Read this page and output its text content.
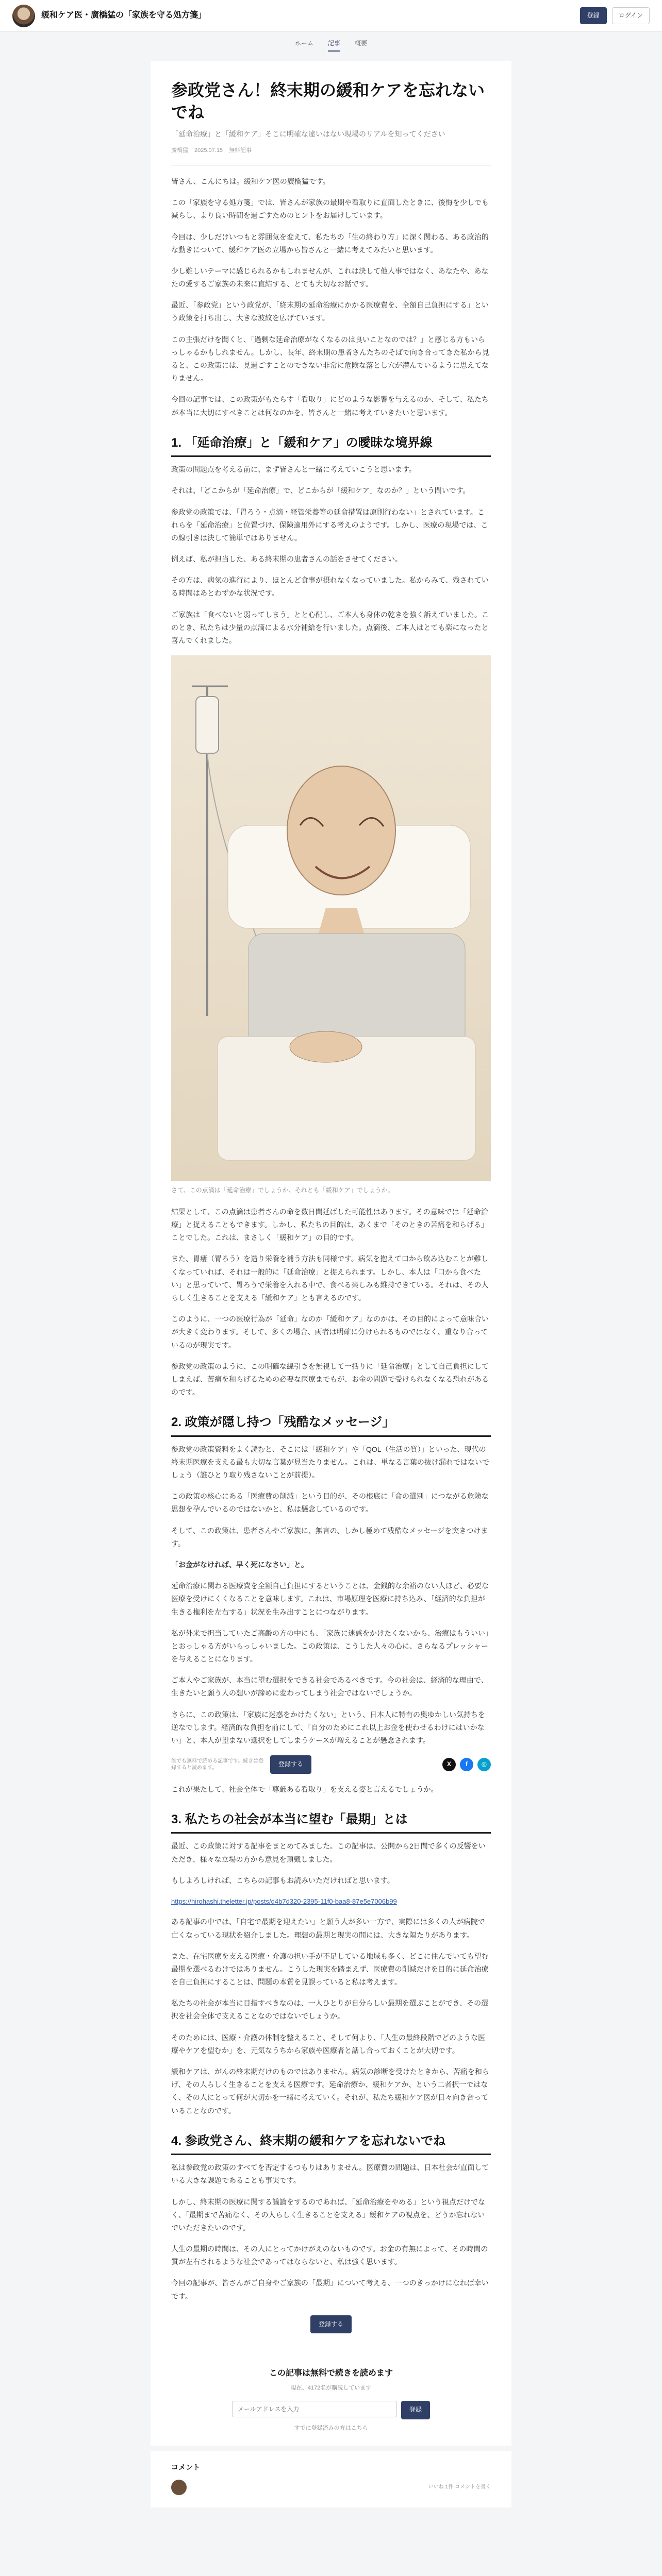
緩和ケア医・廣橋猛の「家族を守る処方箋」	登録	ログイン
ホーム 記事 概要
参政党さん！終末期の緩和ケアを忘れないでね
「延命治療」と「緩和ケア」そこに明確な違いはない現場のリアルを知ってください
廣橋猛 2025.07.15 無料記事

皆さん、こんにちは。緩和ケア医の廣橋猛です。

この「家族を守る処方箋」では、皆さんが家族の最期や看取りに直面したときに、後悔を少しでも減らし、より良い時間を過ごすためのヒントをお届けしています。

今回は、少しだけいつもと雰囲気を変えて、私たちの「生の終わり方」に深く関わる、ある政治的な動きについて、緩和ケア医の立場から皆さんと一緒に考えてみたいと思います。

少し難しいテーマに感じられるかもしれませんが、これは決して他人事ではなく、あなたや、あなたの愛するご家族の未来に直結する、とても大切なお話です。

最近、「参政党」という政党が、「終末期の延命治療にかかる医療費を、全額自己負担にする」という政策を打ち出し、大きな波紋を広げています。

この主張だけを聞くと、「過剰な延命治療がなくなるのは良いことなのでは？」と感じる方もいらっしゃるかもしれません。しかし、長年、終末期の患者さんたちのそばで向き合ってきた私から見ると、この政策には、見過ごすことのできない非常に危険な落とし穴が潜んでいるように思えてなりません。

今回の記事では、この政策がもたらす「看取り」にどのような影響を与えるのか、そして、私たちが本当に大切にすべきことは何なのかを、皆さんと一緒に考えていきたいと思います。

1. 「延命治療」と「緩和ケア」の曖昧な境界線

政策の問題点を考える前に、まず皆さんと一緒に考えていこうと思います。

それは、「どこからが「延命治療」で、どこからが「緩和ケア」なのか？」という問いです。

参政党の政策では、「胃ろう・点滴・経管栄養等の延命措置は原則行わない」とされています。これらを「延命治療」と位置づけ、保険適用外にする考えのようです。しかし、医療の現場では、この線引きは決して簡単ではありません。

例えば、私が担当した、ある終末期の患者さんの話をさせてください。

その方は、病気の進行により、ほとんど食事が摂れなくなっていました。私からみて、残されている時間はあとわずかな状況です。

ご家族は「食べないと弱ってしまう」とと心配し、ご本人も身体の乾きを強く訴えていました。このとき、私たちは少量の点滴による水分補給を行いました。点滴後、ご本人はとても楽になったと喜んでくれました。

さて、この点滴は「延命治療」でしょうか、それとも「緩和ケア」でしょうか。

結果として、この点滴は患者さんの命を数日間延ばした可能性はあります。その意味では「延命治療」と捉えることもできます。しかし、私たちの目的は、あくまで「そのときの苦痛を和らげる」ことでした。これは、まさしく「緩和ケア」の目的です。

また、胃瘻（胃ろう）を造り栄養を補う方法も同様です。病気を抱えて口から飲み込むことが難しくなっていれば、それは一般的に「延命治療」と捉えられます。しかし、本人は「口から食べたい」と思っていて、胃ろうで栄養を入れる中で、食べる楽しみも維持できている。それは、その人らしく生きることを支える「緩和ケア」とも言えるのです。

このように、一つの医療行為が「延命」なのか「緩和ケア」なのかは、その目的によって意味合いが大きく変わります。そして、多くの場合、両者は明確に分けられるものではなく、重なり合っているのが現実です。

参政党の政策のように、この明確な線引きを無視して一括りに「延命治療」として自己負担にしてしまえば、苦痛を和らげるための必要な医療までもが、お金の問題で受けられなくなる恐れがあるのです。

2. 政策が隠し持つ「残酷なメッセージ」

参政党の政策資料をよく読むと、そこには「緩和ケア」や「QOL（生活の質）」といった、現代の終末期医療を支える最も大切な言葉が見当たりません。これは、単なる言葉の抜け漏れではないでしょう（誰ひとり取り残さないことが前提）。

この政策の核心にある「医療費の削減」という目的が、その根底に「命の選別」につながる危険な思想を孕んでいるのではないかと、私は懸念しているのです。

そして、この政策は、患者さんやご家族に、無言の、しかし極めて残酷なメッセージを突きつけます。

「お金がなければ、早く死になさい」と。

延命治療に関わる医療費を全額自己負担にするということは、金銭的な余裕のない人ほど、必要な医療を受けにくくなることを意味します。これは、市場原理を医療に持ち込み、「経済的な負担が生きる権利を左右する」状況を生み出すことにつながります。

私が外来で担当していたご高齢の方の中にも、「家族に迷惑をかけたくないから、治療はもういい」とおっしゃる方がいらっしゃいました。この政策は、こうした人々の心に、さらなるプレッシャーを与えることになります。

ご本人やご家族が、本当に望む選択をできる社会であるべきです。今の社会は、経済的な理由で、生きたいと願う人の想いが諦めに変わってしまう社会ではないでしょうか。

さらに、この政策は、「家族に迷惑をかけたくない」という、日本人に特有の奥ゆかしい気持ちを逆なでします。経済的な負担を前にして、「自分のためにこれ以上お金を使わせるわけにはいかない」と、本人が望まない選択をしてしまうケースが増えることが懸念されます。

誰でも無料で読める記事です。続きは登録すると読めます。
登録する	X	f	◎

これが果たして、社会全体で「尊厳ある看取り」を支える姿と言えるでしょうか。

3. 私たちの社会が本当に望む「最期」とは

最近、この政策に対する記事をまとめてみました。この記事は、公開から2日間で多くの反響をいただき、様々な立場の方から意見を頂戴しました。

もしよろしければ、こちらの記事もお読みいただければと思います。

https://hirohashi.theletter.jp/posts/d4b7d320-2395-11f0-baa8-87e5e7006b99

ある記事の中では、「自宅で最期を迎えたい」と願う人が多い一方で、実際には多くの人が病院で亡くなっている現状を紹介しました。理想の最期と現実の間には、大きな隔たりがあります。

また、在宅医療を支える医療・介護の担い手が不足している地域も多く、どこに住んでいても望む最期を選べるわけではありません。こうした現実を踏まえず、医療費の削減だけを目的に延命治療を自己負担にすることは、問題の本質を見誤っていると私は考えます。

私たちの社会が本当に目指すべきなのは、一人ひとりが自分らしい最期を選ぶことができ、その選択を社会全体で支えることなのではないでしょうか。

そのためには、医療・介護の体制を整えること、そして何より、「人生の最終段階でどのような医療やケアを望むか」を、元気なうちから家族や医療者と話し合っておくことが大切です。

緩和ケアは、がんの終末期だけのものではありません。病気の診断を受けたときから、苦痛を和らげ、その人らしく生きることを支える医療です。延命治療か、緩和ケアか、という二者択一ではなく、その人にとって何が大切かを一緒に考えていく。それが、私たち緩和ケア医が日々向き合っていることなのです。

4. 参政党さん、終末期の緩和ケアを忘れないでね

私は参政党の政策のすべてを否定するつもりはありません。医療費の問題は、日本社会が直面している大きな課題であることも事実です。

しかし、終末期の医療に関する議論をするのであれば、「延命治療をやめる」という視点だけでなく、「最期まで苦痛なく、その人らしく生きることを支える」緩和ケアの視点を、どうか忘れないでいただきたいのです。

人生の最期の時間は、その人にとってかけがえのないものです。お金の有無によって、その時間の質が左右されるような社会であってはならないと、私は強く思います。

今回の記事が、皆さんがご自身やご家族の「最期」について考える、一つのきっかけになれば幸いです。

登録する
この記事は無料で続きを読めます
現在、4172名が購読しています
メールアドレスを入力
登録
すでに登録済みの方はこちら
コメント
いいね 1件 コメントを書く
